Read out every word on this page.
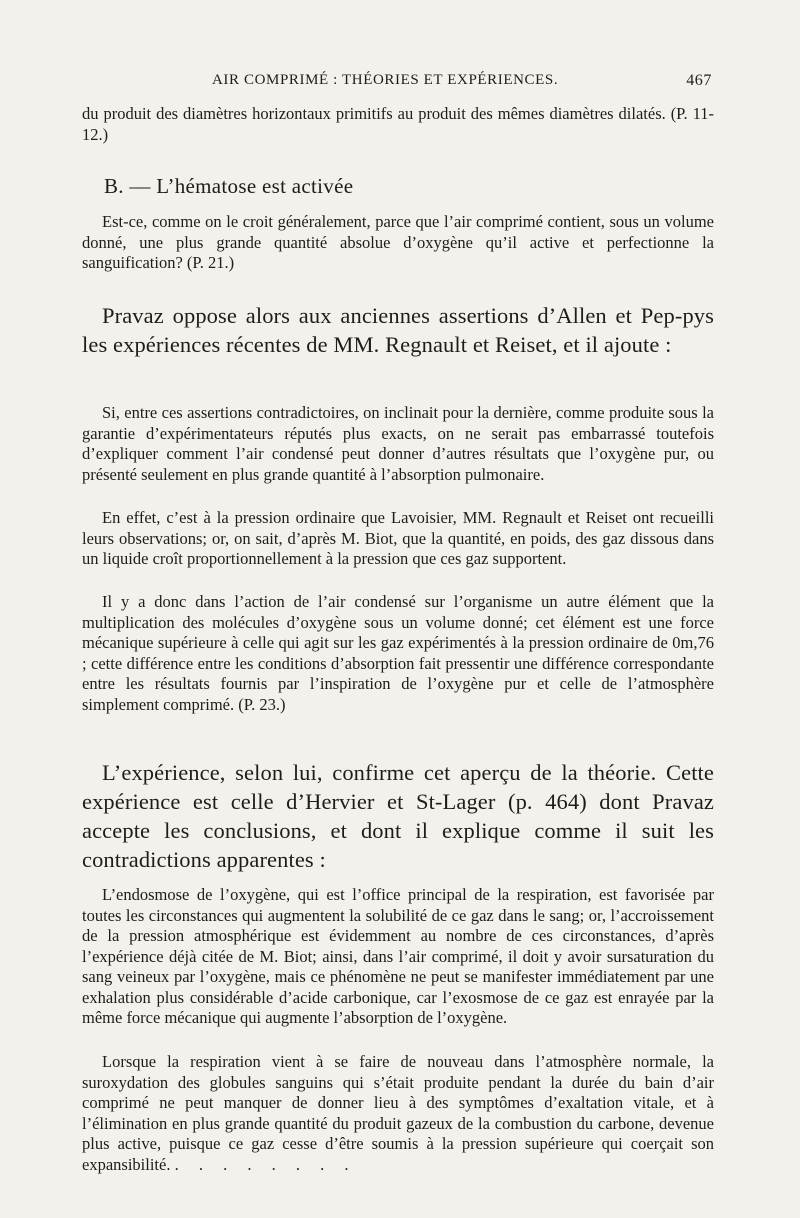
AIR COMPRIMÉ : THÉORIES ET EXPÉRIENCES.	467

du produit des diamètres horizontaux primitifs au produit des mêmes diamètres dilatés. (P. 11-12.)

B. — L’hématose est activée

Est-ce, comme on le croit généralement, parce que l’air comprimé contient, sous un volume donné, une plus grande quantité absolue d’oxygène qu’il active et perfectionne la sanguification? (P. 21.)

Pravaz oppose alors aux anciennes assertions d’Allen et Pep-pys les expériences récentes de MM. Regnault et Reiset, et il ajoute :

Si, entre ces assertions contradictoires, on inclinait pour la dernière, comme produite sous la garantie d’expérimentateurs réputés plus exacts, on ne serait pas embarrassé toutefois d’expliquer comment l’air condensé peut donner d’autres résultats que l’oxygène pur, ou présenté seulement en plus grande quantité à l’absorption pulmonaire.

En effet, c’est à la pression ordinaire que Lavoisier, MM. Regnault et Reiset ont recueilli leurs observations; or, on sait, d’après M. Biot, que la quantité, en poids, des gaz dissous dans un liquide croît proportionnellement à la pression que ces gaz supportent.

Il y a donc dans l’action de l’air condensé sur l’organisme un autre élément que la multiplication des molécules d’oxygène sous un volume donné; cet élément est une force mécanique supérieure à celle qui agit sur les gaz expérimentés à la pression ordinaire de 0m,76 ; cette différence entre les conditions d’absorption fait pressentir une différence correspondante entre les résultats fournis par l’inspiration de l’oxygène pur et celle de l’atmosphère simplement comprimé. (P. 23.)

L’expérience, selon lui, confirme cet aperçu de la théorie. Cette expérience est celle d’Hervier et St-Lager (p. 464) dont Pravaz accepte les conclusions, et dont il explique comme il suit les contradictions apparentes :

L’endosmose de l’oxygène, qui est l’office principal de la respiration, est favorisée par toutes les circonstances qui augmentent la solubilité de ce gaz dans le sang; or, l’accroissement de la pression atmosphérique est évidemment au nombre de ces circonstances, d’après l’expérience déjà citée de M. Biot; ainsi, dans l’air comprimé, il doit y avoir sursaturation du sang veineux par l’oxygène, mais ce phénomène ne peut se manifester immédiatement par une exhalation plus considérable d’acide carbonique, car l’exosmose de ce gaz est enrayée par la même force mécanique qui augmente l’absorption de l’oxygène.

Lorsque la respiration vient à se faire de nouveau dans l’atmosphère normale, la suroxydation des globules sanguins qui s’était produite pendant la durée du bain d’air comprimé ne peut manquer de donner lieu à des symptômes d’exaltation vitale, et à l’élimination en plus grande quantité du produit gazeux de la combustion du carbone, devenue plus active, puisque ce gaz cesse d’être soumis à la pression supérieure qui coerçait son expansibilité. . . . . . . . .
